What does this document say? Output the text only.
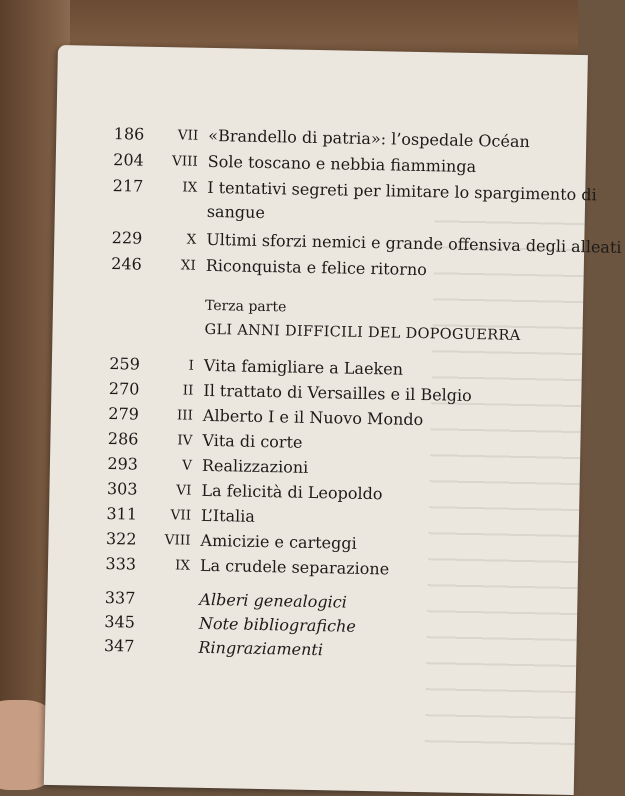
186	VII «Brandello di patria»: l’ospedale Océan
204	VIII Sole toscano e nebbia fiamminga
217	IX I tentativi segreti per limitare lo spargimento di
sangue
229	X Ultimi sforzi nemici e grande offensiva degli alleati
246	XI Riconquista e felice ritorno
Terza parte
GLI ANNI DIFFICILI DEL DOPOGUERRA
259	I Vita famigliare a Laeken
270	II Il trattato di Versailles e il Belgio
279	III Alberto I e il Nuovo Mondo
286	IV Vita di corte
293	V Realizzazioni
303	VI La felicità di Leopoldo
311	VII L’Italia
322	VIII Amicizie e carteggi
333	IX La crudele separazione
337	Alberi genealogici
345	Note bibliografiche
347	Ringraziamenti
